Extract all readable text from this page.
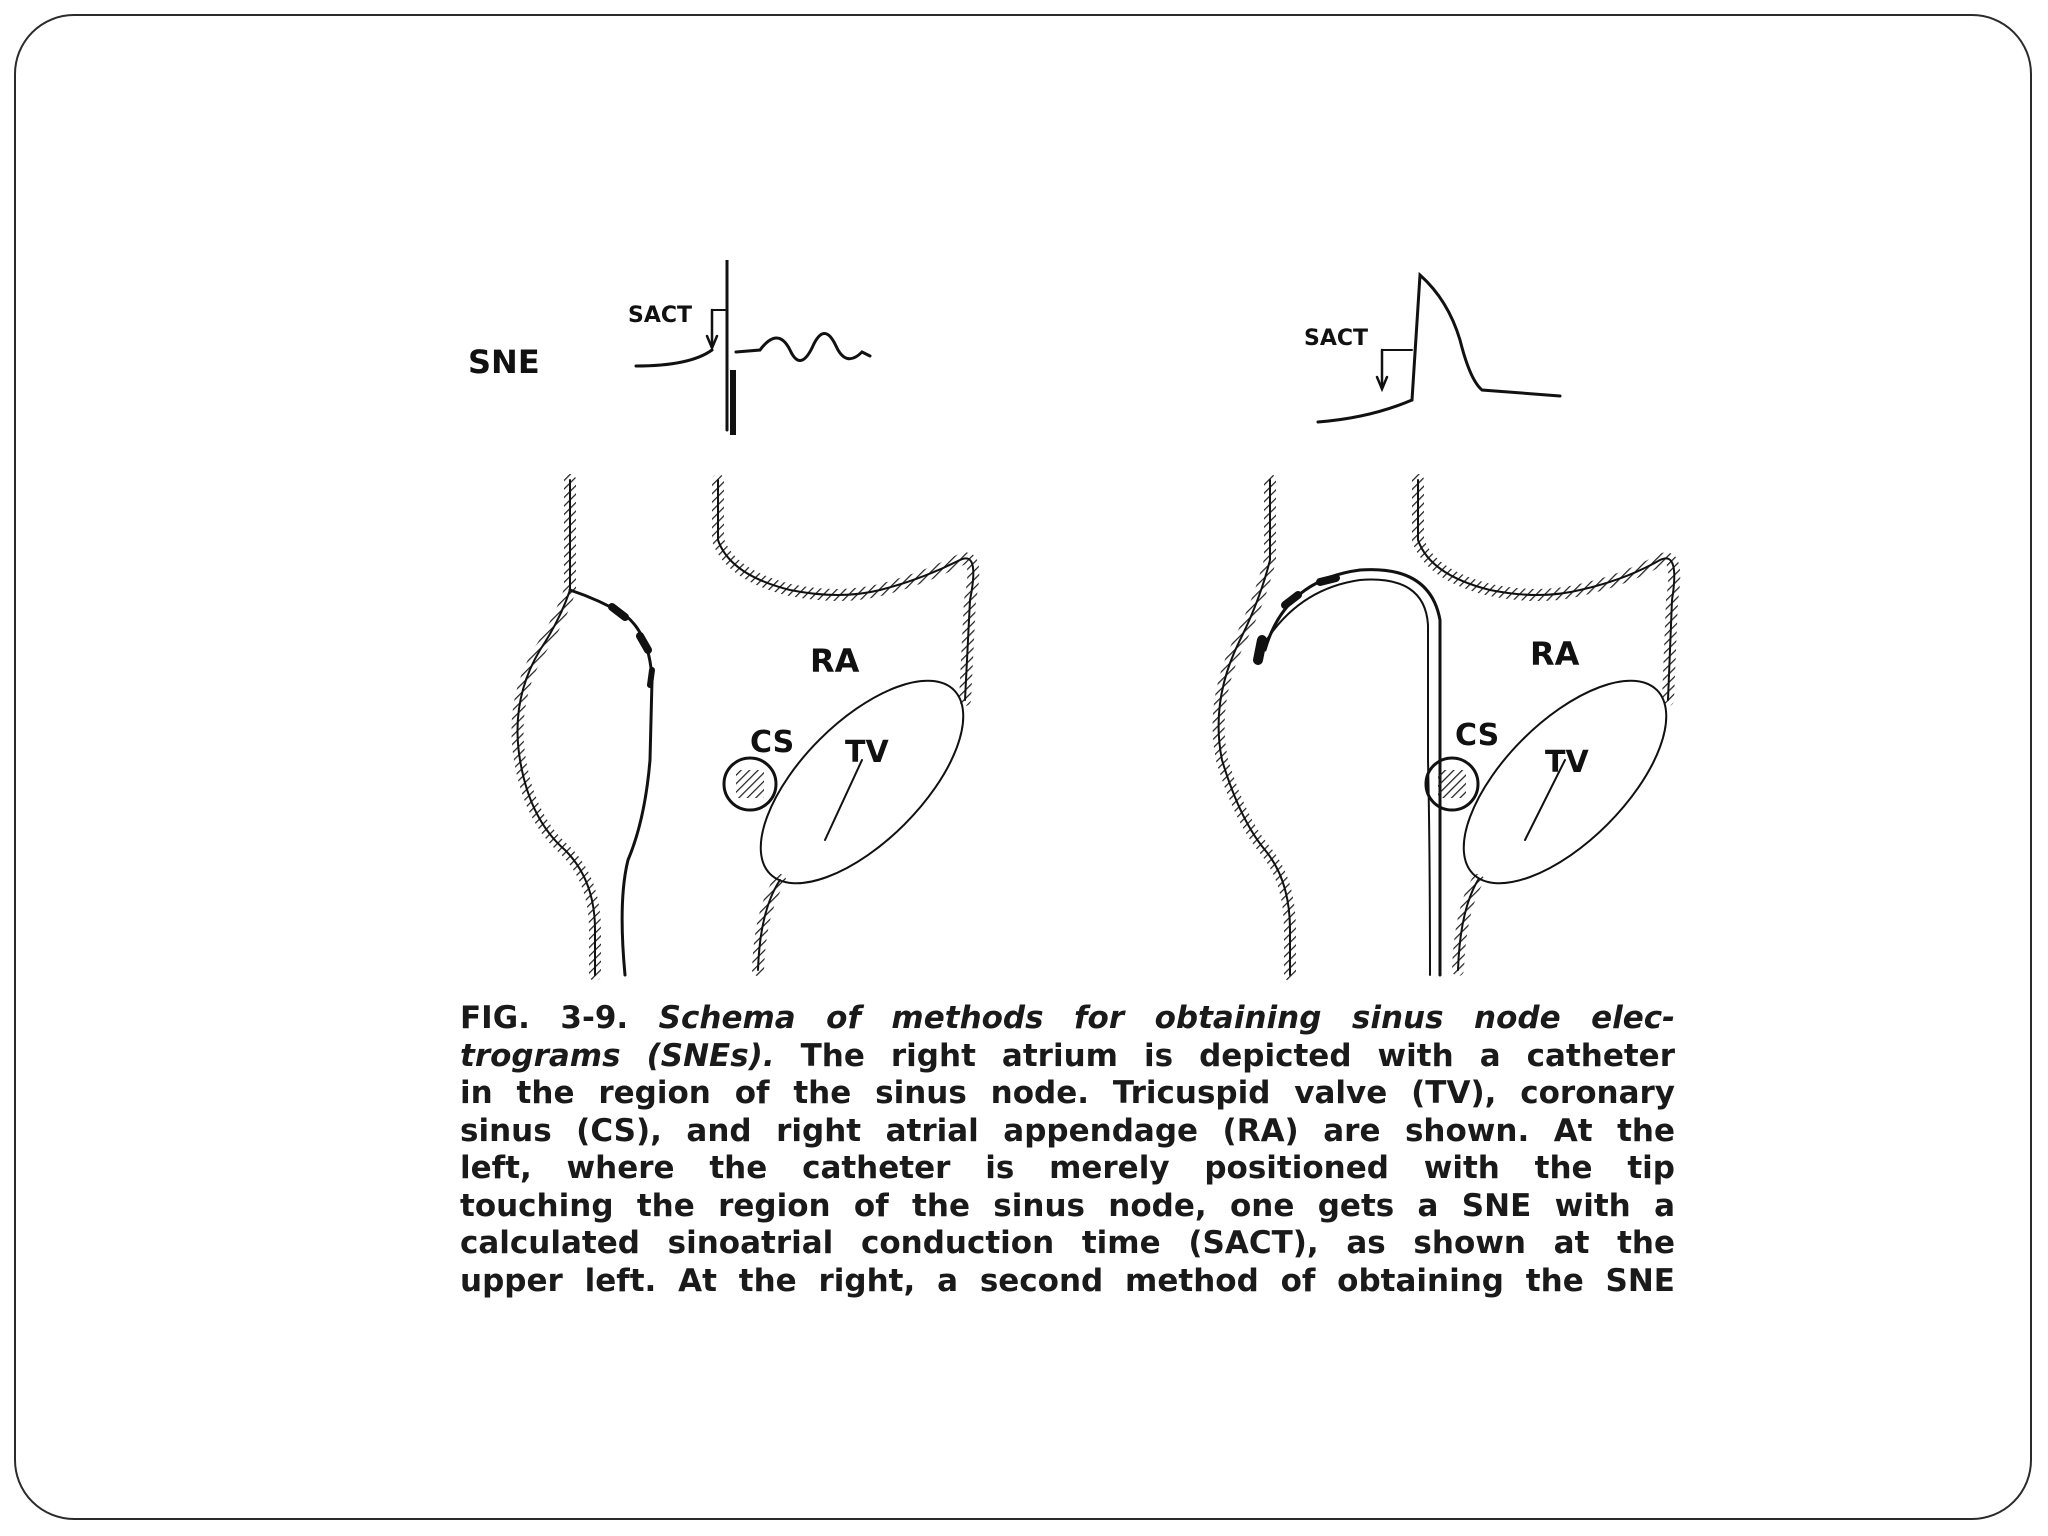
SNE
SACT
SACT
RA	RA
CS	CS
TV	TV
FIG. 3-9. Schema of methods for obtaining sinus node elec-
trograms (SNEs). The right atrium is depicted with a catheter
in the region of the sinus node. Tricuspid valve (TV), coronary
sinus (CS), and right atrial appendage (RA) are shown. At the
left, where the catheter is merely positioned with the tip
touching the region of the sinus node, one gets a SNE with a
calculated sinoatrial conduction time (SACT), as shown at the
upper left. At the right, a second method of obtaining the SNE
